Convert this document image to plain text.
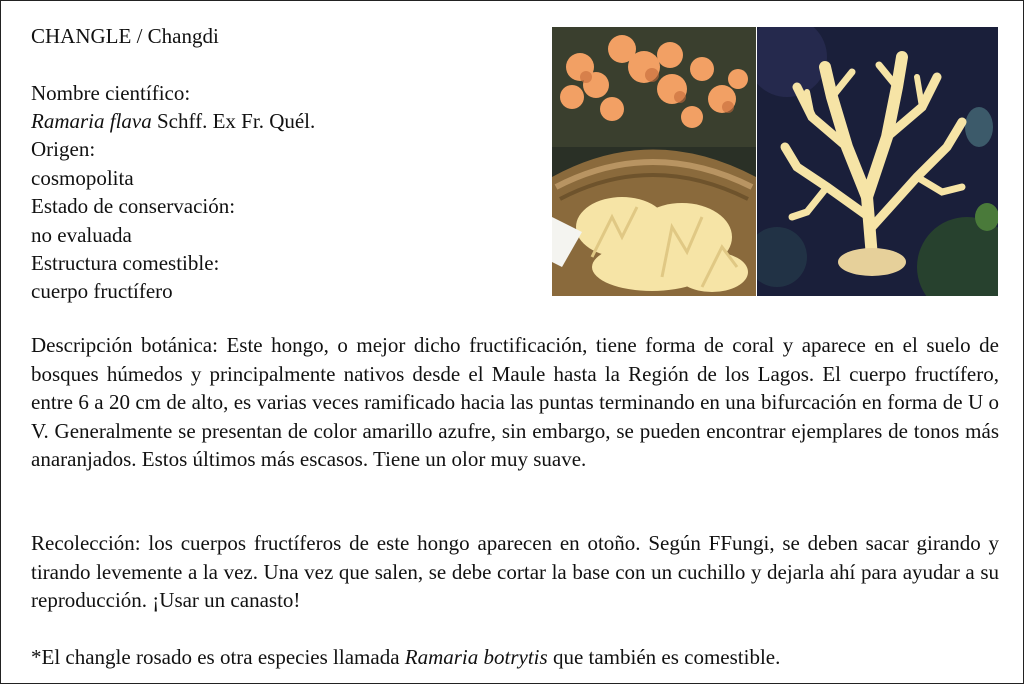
CHANGLE / Changdi
Nombre científico:
Ramaria flava Schff. Ex Fr. Quél.
Origen:
cosmopolita
Estado de conservación:
no evaluada
Estructura comestible:
cuerpo fructífero

Descripción botánica: Este hongo, o mejor dicho fructificación, tiene forma de coral y aparece en el suelo de bosques húmedos y principalmente nativos desde el Maule hasta la Región de los Lagos. El cuerpo fructífero, entre 6 a 20 cm de alto, es varias veces ramificado hacia las puntas terminando en una bifurcación en forma de U o V. Generalmente se presentan de color amarillo azufre, sin embargo, se pueden encontrar ejemplares de tonos más anaranjados. Estos últimos más escasos. Tiene un olor muy suave.

Recolección: los cuerpos fructíferos de este hongo aparecen en otoño. Según FFungi, se deben sacar girando y tirando levemente a la vez. Una vez que salen, se debe cortar la base con un cuchillo y dejarla ahí para ayudar a su reproducción. ¡Usar un canasto!

*El changle rosado es otra especies llamada Ramaria botrytis que también es comestible.
